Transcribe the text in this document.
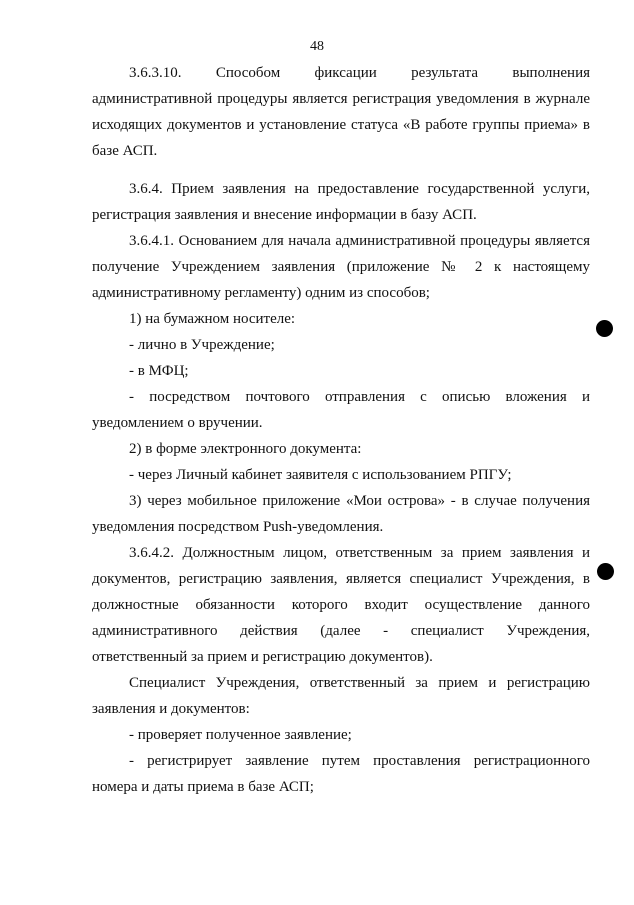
48

3.6.3.10. Способом фиксации результата выполнения административной процедуры является регистрация уведомления в журнале исходящих документов и установление статуса «В работе группы приема» в базе АСП.

3.6.4. Прием заявления на предоставление государственной услуги, регистрация заявления и внесение информации в базу АСП.

3.6.4.1. Основанием для начала административной процедуры является получение Учреждением заявления (приложение № 2 к настоящему административному регламенту) одним из способов;

1) на бумажном носителе:

- лично в Учреждение;

- в МФЦ;

- посредством почтового отправления с описью вложения и уведомлением о вручении.

2) в форме электронного документа:

- через Личный кабинет заявителя с использованием РПГУ;

3) через мобильное приложение «Мои острова» - в случае получения уведомления посредством Push-уведомления.

3.6.4.2. Должностным лицом, ответственным за прием заявления и документов, регистрацию заявления, является специалист Учреждения, в должностные обязанности которого входит осуществление данного административного действия (далее - специалист Учреждения, ответственный за прием и регистрацию документов).

Специалист Учреждения, ответственный за прием и регистрацию заявления и документов:

- проверяет полученное заявление;

- регистрирует заявление путем проставления регистрационного номера и даты приема в базе АСП;
